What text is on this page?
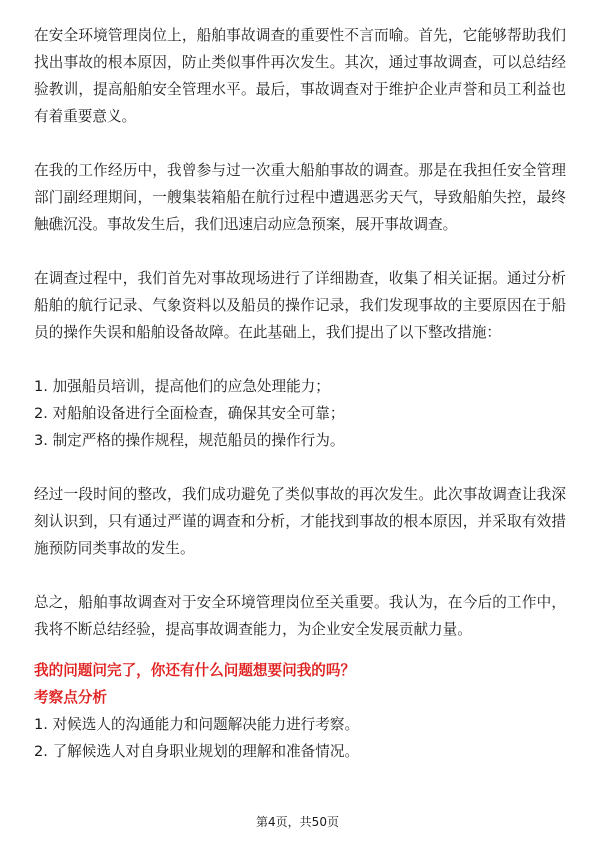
在安全环境管理岗位上，船舶事故调查的重要性不言而喻。首先，它能够帮助我们找出事故的根本原因，防止类似事件再次发生。其次，通过事故调查，可以总结经验教训，提高船舶安全管理水平。最后，事故调查对于维护企业声誉和员工利益也有着重要意义。

在我的工作经历中，我曾参与过一次重大船舶事故的调查。那是在我担任安全管理部门副经理期间，一艘集装箱船在航行过程中遭遇恶劣天气，导致船舶失控，最终触礁沉没。事故发生后，我们迅速启动应急预案，展开事故调查。

在调查过程中，我们首先对事故现场进行了详细勘查，收集了相关证据。通过分析船舶的航行记录、气象资料以及船员的操作记录，我们发现事故的主要原因在于船员的操作失误和船舶设备故障。在此基础上，我们提出了以下整改措施：

1. 加强船员培训，提高他们的应急处理能力；

2. 对船舶设备进行全面检查，确保其安全可靠；

3. 制定严格的操作规程，规范船员的操作行为。

经过一段时间的整改，我们成功避免了类似事故的再次发生。此次事故调查让我深刻认识到，只有通过严谨的调查和分析，才能找到事故的根本原因，并采取有效措施预防同类事故的发生。

总之，船舶事故调查对于安全环境管理岗位至关重要。我认为，在今后的工作中，我将不断总结经验，提高事故调查能力，为企业安全发展贡献力量。

我的问题问完了，你还有什么问题想要问我的吗？

考察点分析

1. 对候选人的沟通能力和问题解决能力进行考察。

2. 了解候选人对自身职业规划的理解和准备情况。

第4页，共50页
